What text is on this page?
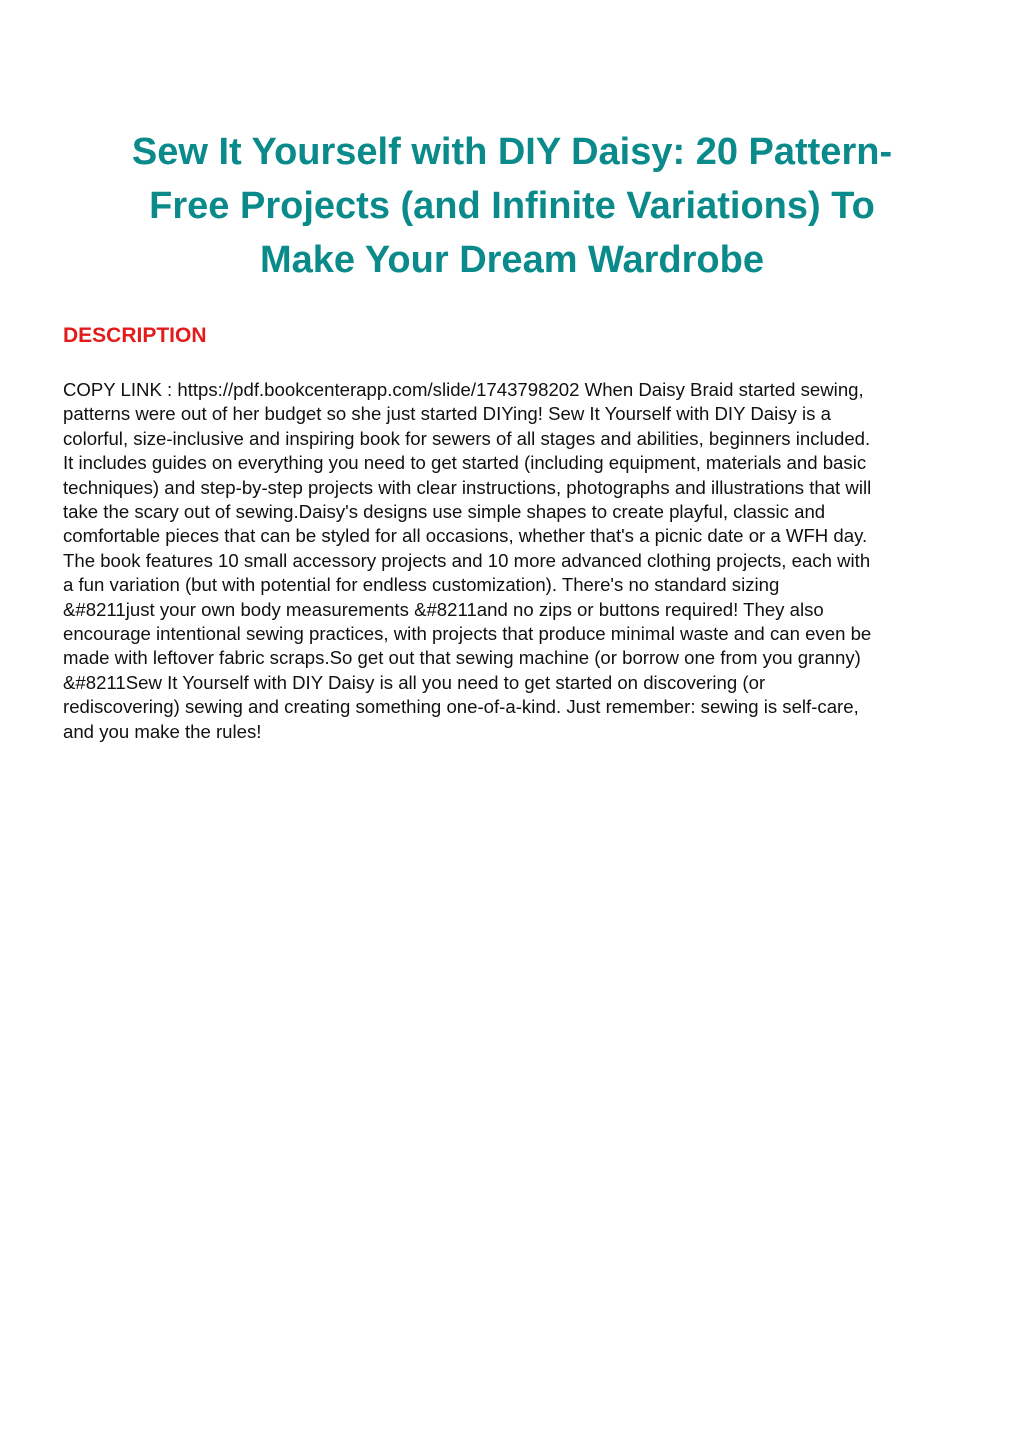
Sew It Yourself with DIY Daisy: 20 Pattern-
Free Projects (and Infinite Variations) To
Make Your Dream Wardrobe
DESCRIPTION

COPY LINK : https://pdf.bookcenterapp.com/slide/1743798202 When Daisy Braid started sewing,
patterns were out of her budget so she just started DIYing! Sew It Yourself with DIY Daisy is a
colorful, size-inclusive and inspiring book for sewers of all stages and abilities, beginners included.
It includes guides on everything you need to get started (including equipment, materials and basic
techniques) and step-by-step projects with clear instructions, photographs and illustrations that will
take the scary out of sewing.Daisy's designs use simple shapes to create playful, classic and
comfortable pieces that can be styled for all occasions, whether that's a picnic date or a WFH day.
The book features 10 small accessory projects and 10 more advanced clothing projects, each with
a fun variation (but with potential for endless customization). There's no standard sizing
&#8211just your own body measurements &#8211and no zips or buttons required! They also
encourage intentional sewing practices, with projects that produce minimal waste and can even be
made with leftover fabric scraps.So get out that sewing machine (or borrow one from you granny)
&#8211Sew It Yourself with DIY Daisy is all you need to get started on discovering (or
rediscovering) sewing and creating something one-of-a-kind. Just remember: sewing is self-care,
and you make the rules!
